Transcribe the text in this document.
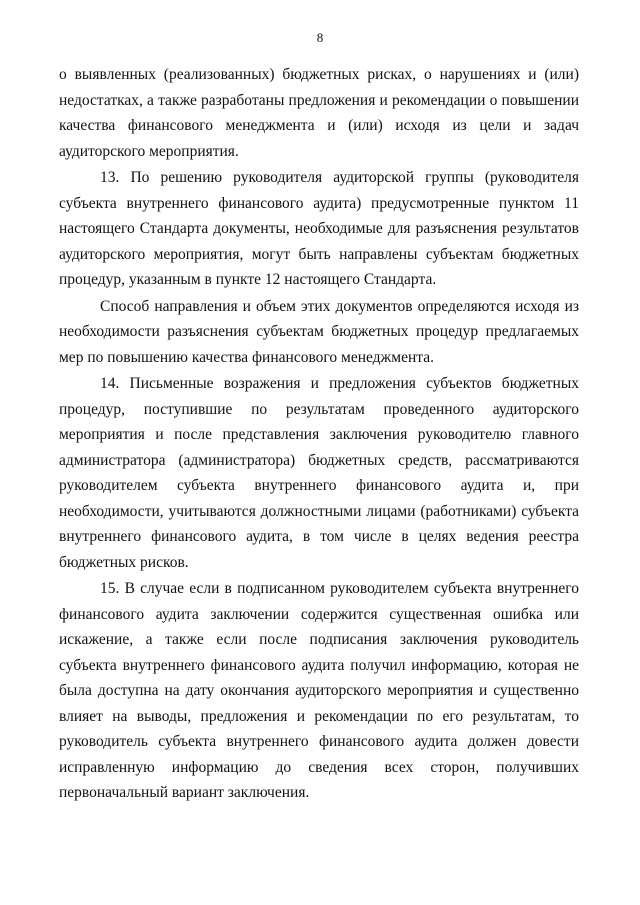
8

о выявленных (реализованных) бюджетных рисках, о нарушениях и (или) недостатках, а также разработаны предложения и рекомендации о повышении качества финансового менеджмента и (или) исходя из цели и задач аудиторского мероприятия.

13. По решению руководителя аудиторской группы (руководителя субъекта внутреннего финансового аудита) предусмотренные пунктом 11 настоящего Стандарта документы, необходимые для разъяснения результатов аудиторского мероприятия, могут быть направлены субъектам бюджетных процедур, указанным в пункте 12 настоящего Стандарта.

Способ направления и объем этих документов определяются исходя из необходимости разъяснения субъектам бюджетных процедур предлагаемых мер по повышению качества финансового менеджмента.

14. Письменные возражения и предложения субъектов бюджетных процедур, поступившие по результатам проведенного аудиторского мероприятия и после представления заключения руководителю главного администратора (администратора) бюджетных средств, рассматриваются руководителем субъекта внутреннего финансового аудита и, при необходимости, учитываются должностными лицами (работниками) субъекта внутреннего финансового аудита, в том числе в целях ведения реестра бюджетных рисков.

15. В случае если в подписанном руководителем субъекта внутреннего финансового аудита заключении содержится существенная ошибка или искажение, а также если после подписания заключения руководитель субъекта внутреннего финансового аудита получил информацию, которая не была доступна на дату окончания аудиторского мероприятия и существенно влияет на выводы, предложения и рекомендации по его результатам, то руководитель субъекта внутреннего финансового аудита должен довести исправленную информацию до сведения всех сторон, получивших первоначальный вариант заключения.
